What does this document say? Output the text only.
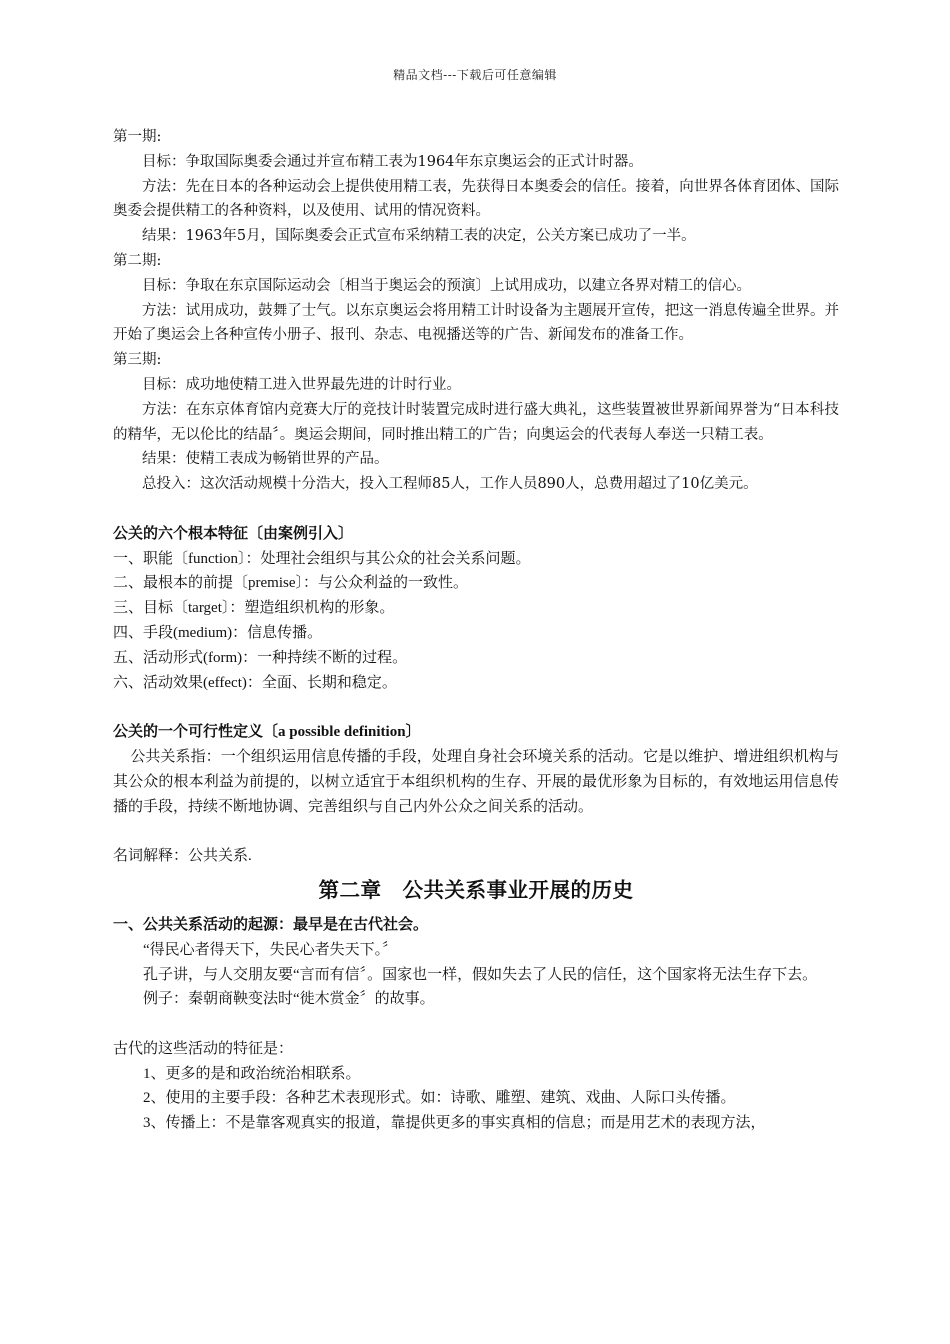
精品文档---下载后可任意编辑

第一期:

目标：争取国际奥委会通过并宣布精工表为1964年东京奥运会的正式计时器。

方法：先在日本的各种运动会上提供使用精工表，先获得日本奥委会的信任。接着，向世界各体育团体、国际奥委会提供精工的各种资料，以及使用、试用的情况资料。

结果：1963年5月，国际奥委会正式宣布采纳精工表的决定，公关方案已成功了一半。

第二期:

目标：争取在东京国际运动会〔相当于奥运会的预演〕上试用成功，以建立各界对精工的信心。

方法：试用成功，鼓舞了士气。以东京奥运会将用精工计时设备为主题展开宣传，把这一消息传遍全世界。并开始了奥运会上各种宣传小册子、报刊、杂志、电视播送等的广告、新闻发布的准备工作。

第三期:

目标：成功地使精工进入世界最先进的计时行业。

方法：在东京体育馆内竞赛大厅的竞技计时装置完成时进行盛大典礼，这些装置被世界新闻界誉为“日本科技的精华，无以伦比的结晶〞。奥运会期间，同时推出精工的广告；向奥运会的代表每人奉送一只精工表。

结果：使精工表成为畅销世界的产品。

总投入：这次活动规模十分浩大，投入工程师85人，工作人员890人，总费用超过了10亿美元。

公关的六个根本特征〔由案例引入〕

一、职能〔function〕：处理社会组织与其公众的社会关系问题。

二、最根本的前提〔premise〕：与公众利益的一致性。

三、目标〔target〕：塑造组织机构的形象。

四、手段(medium)：信息传播。

五、活动形式(form)：一种持续不断的过程。

六、活动效果(effect)：全面、长期和稳定。

公关的一个可行性定义〔a possible definition〕

公共关系指：一个组织运用信息传播的手段，处理自身社会环境关系的活动。它是以维护、增进组织机构与其公众的根本利益为前提的，以树立适宜于本组织机构的生存、开展的最优形象为目标的，有效地运用信息传播的手段，持续不断地协调、完善组织与自己内外公众之间关系的活动。

名词解释：公共关系.

第二章　公共关系事业开展的历史

一、公共关系活动的起源：最早是在古代社会。

“得民心者得天下，失民心者失天下。〞

孔子讲，与人交朋友要“言而有信〞。国家也一样，假如失去了人民的信任，这个国家将无法生存下去。

例子：秦朝商鞅变法时“徙木赏金〞的故事。

古代的这些活动的特征是：

1、更多的是和政治统治相联系。

2、使用的主要手段：各种艺术表现形式。如：诗歌、雕塑、建筑、戏曲、人际口头传播。

3、传播上：不是靠客观真实的报道，靠提供更多的事实真相的信息；而是用艺术的表现方法，
